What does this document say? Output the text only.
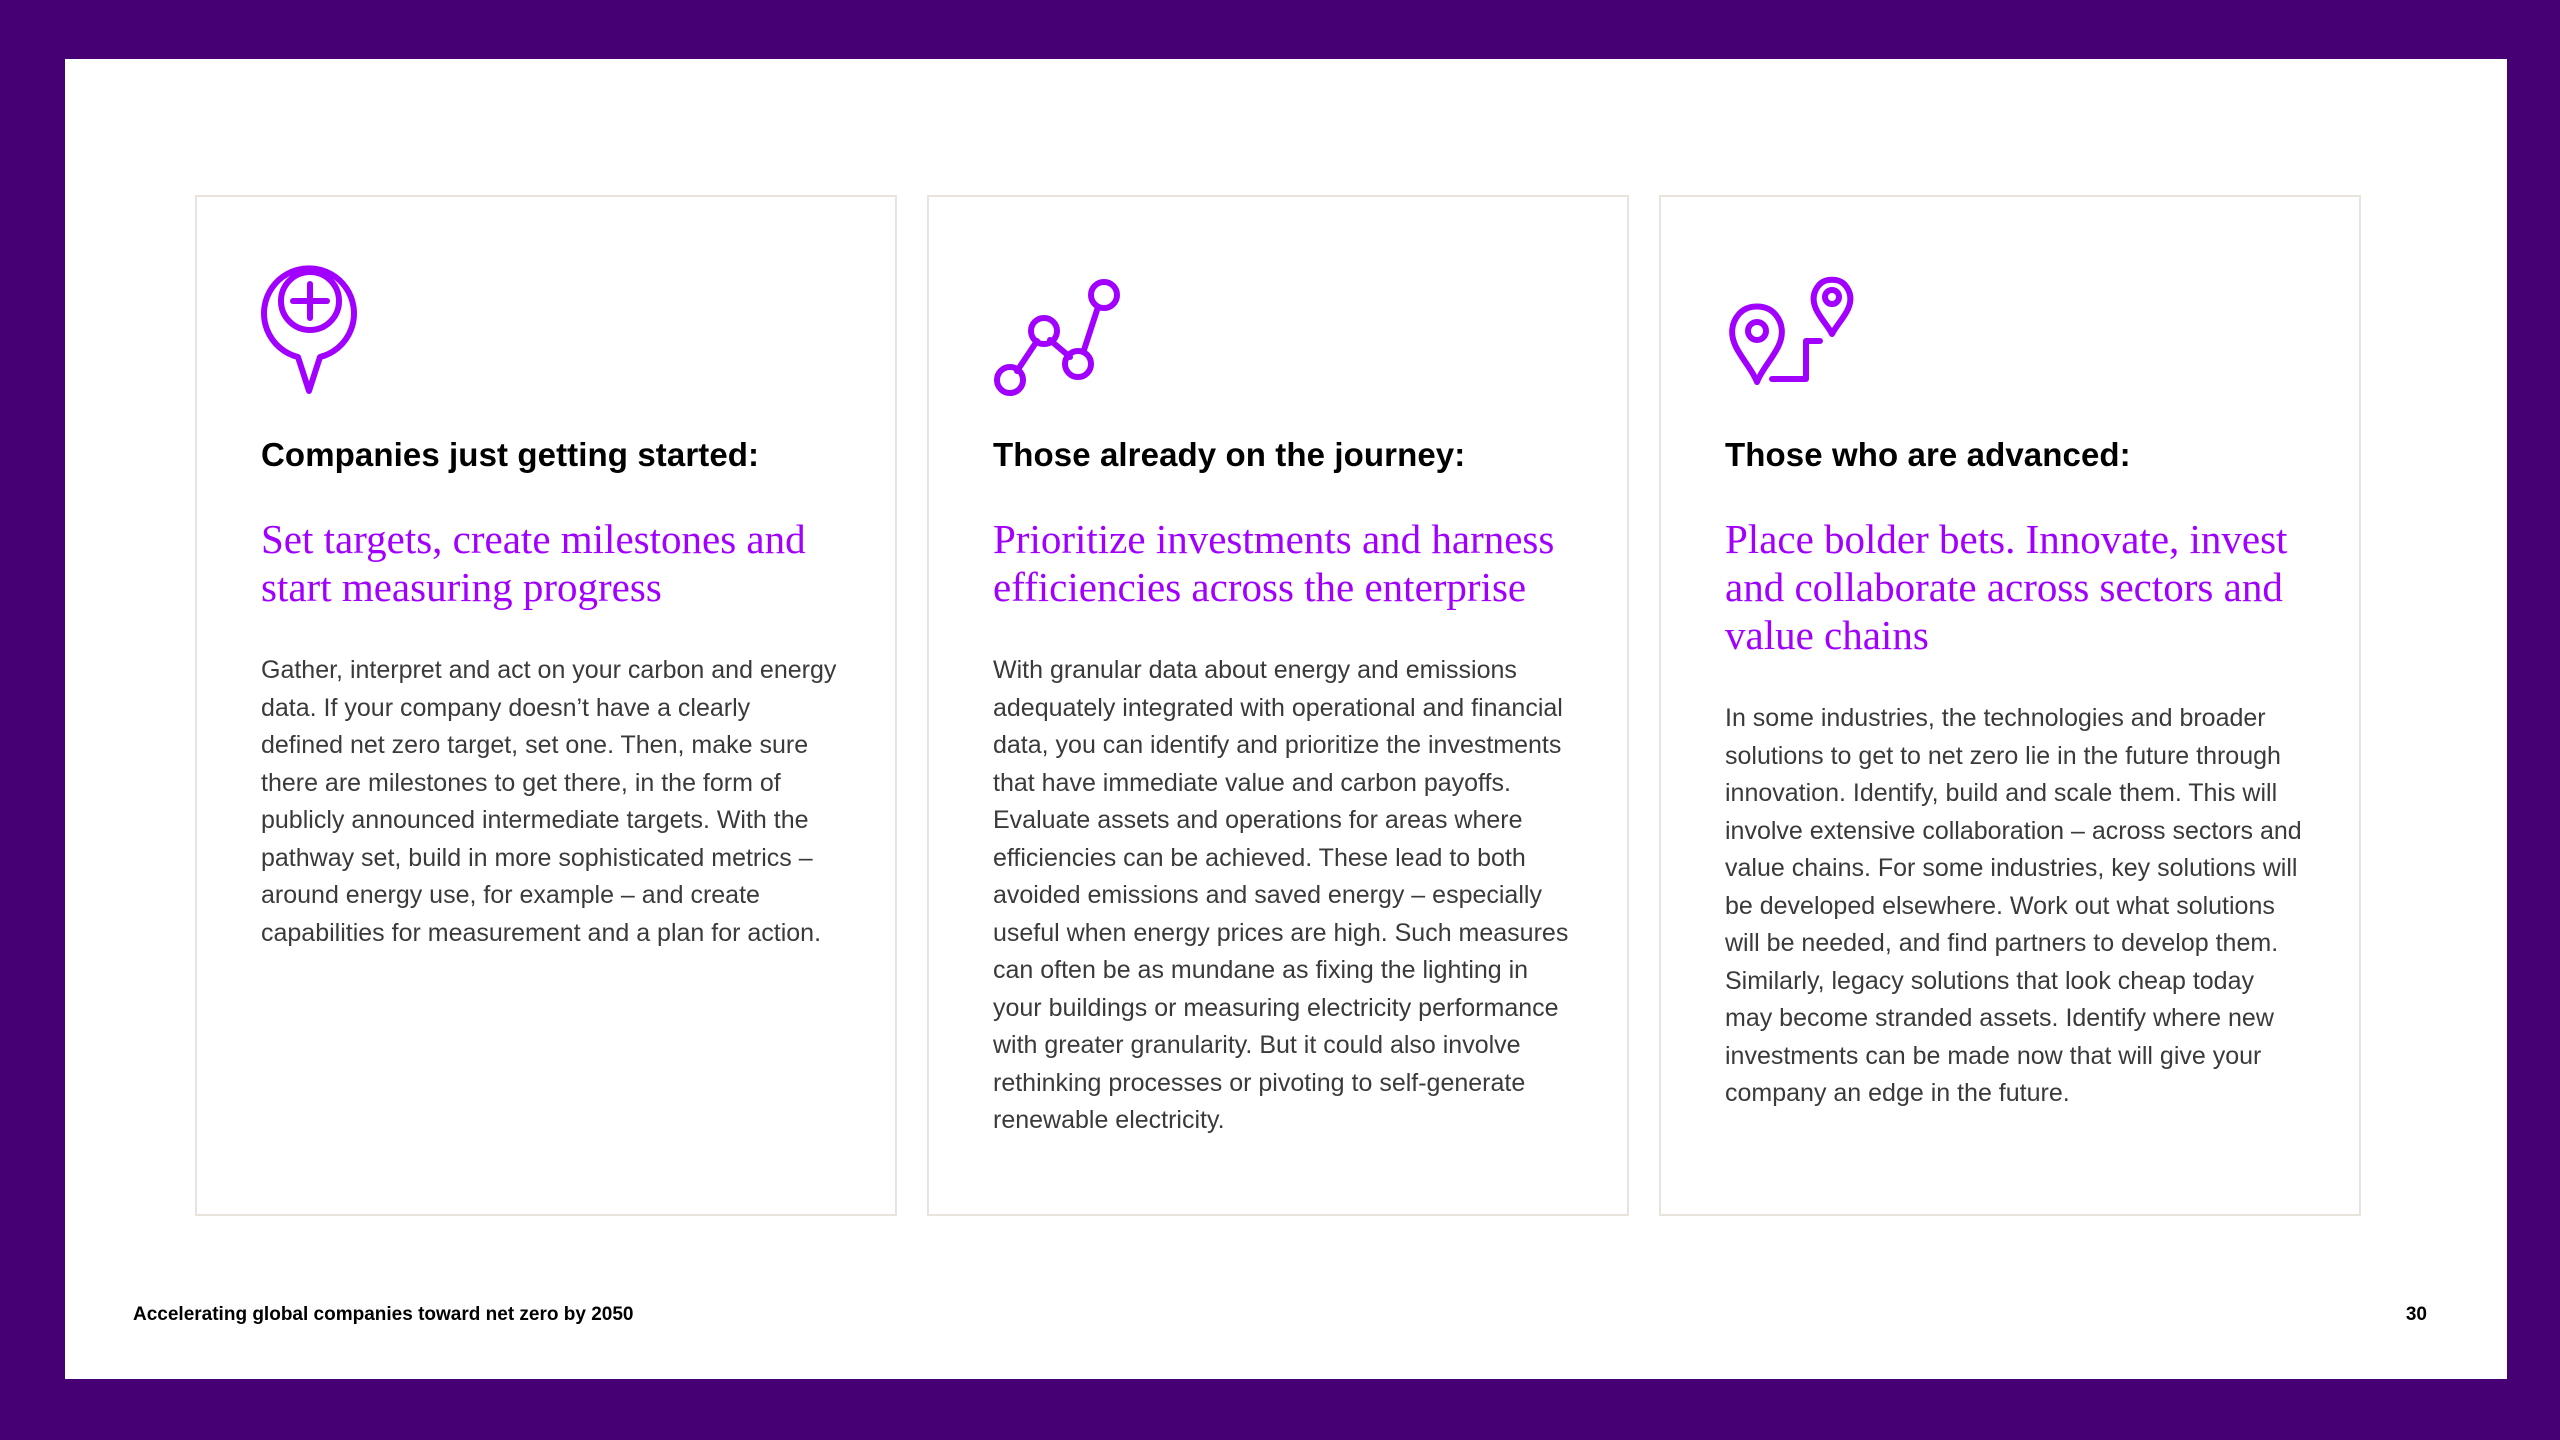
Companies just getting started:
Set targets, create milestones and start measuring progress

Gather, interpret and act on your carbon and energy data. If your company doesn’t have a clearly defined net zero target, set one. Then, make sure there are milestones to get there, in the form of publicly announced intermediate targets. With the pathway set, build in more sophisticated metrics – around energy use, for example – and create capabilities for measurement and a plan for action.

Those already on the journey:
Prioritize investments and harness efficiencies across the enterprise

With granular data about energy and emissions adequately integrated with operational and financial data, you can identify and prioritize the investments that have immediate value and carbon payoffs. Evaluate assets and operations for areas where efficiencies can be achieved. These lead to both avoided emissions and saved energy – especially useful when energy prices are high. Such measures can often be as mundane as fixing the lighting in your buildings or measuring electricity performance with greater granularity. But it could also involve rethinking processes or pivoting to self-generate renewable electricity.

Those who are advanced:
Place bolder bets. Innovate, invest and collaborate across sectors and value chains

In some industries, the technologies and broader solutions to get to net zero lie in the future through innovation. Identify, build and scale them. This will involve extensive collaboration – across sectors and value chains. For some industries, key solutions will be developed elsewhere. Work out what solutions will be needed, and find partners to develop them. Similarly, legacy solutions that look cheap today may become stranded assets. Identify where new investments can be made now that will give your company an edge in the future.

Accelerating global companies toward net zero by 2050	30
